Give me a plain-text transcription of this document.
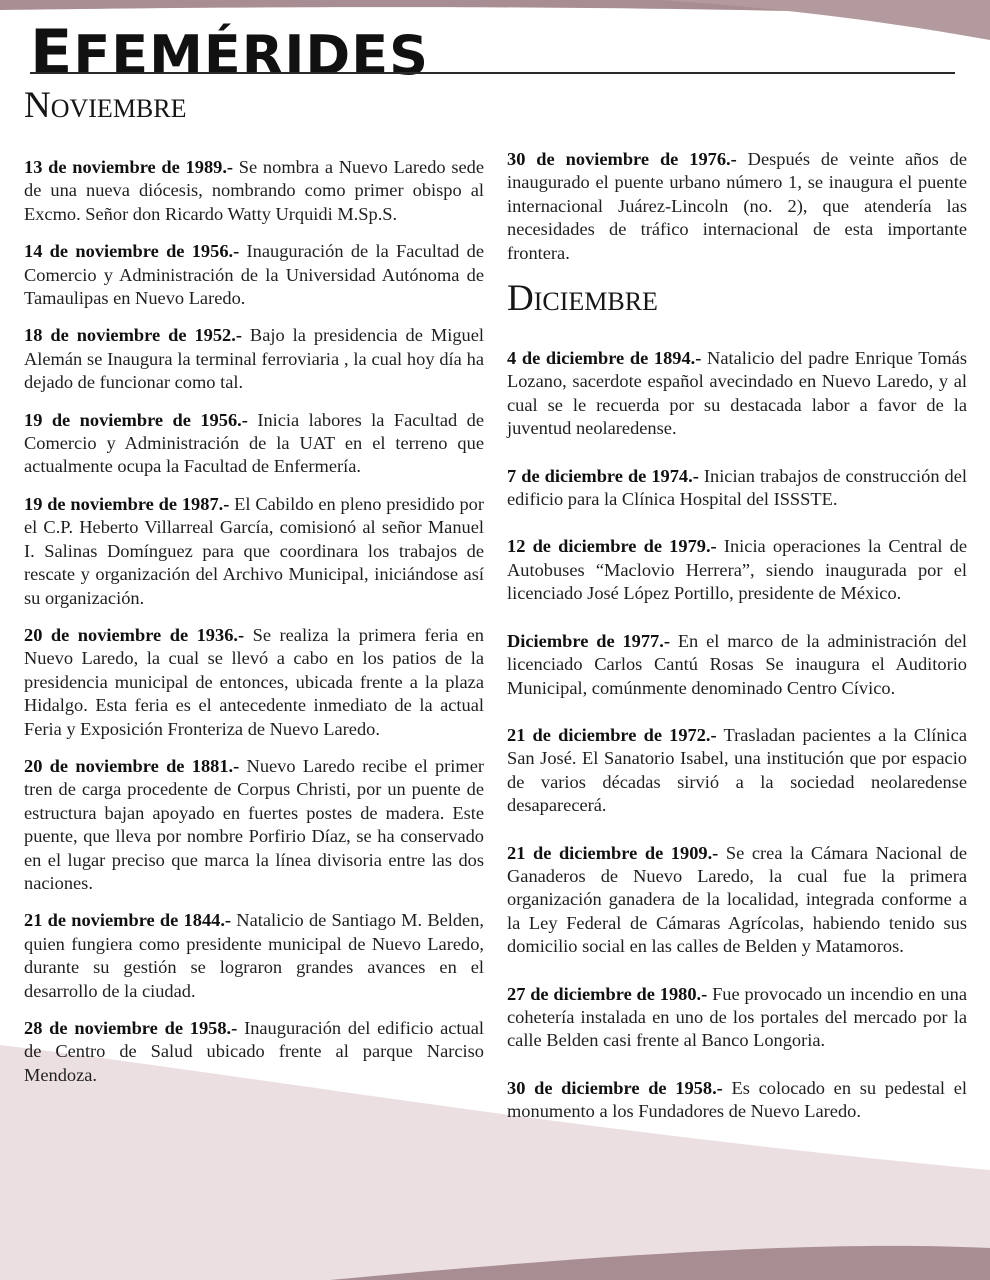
EFEMÉRIDES
Noviembre

13 de noviembre de 1989.- Se nombra a Nuevo Laredo sede de una nueva diócesis, nombrando como primer obispo al Excmo. Señor don Ricardo Watty Urquidi M.Sp.S.

14 de noviembre de 1956.- Inauguración de la Facultad de Comercio y Administración de la Universidad Autónoma de Tamaulipas en Nuevo Laredo.

18 de noviembre de 1952.- Bajo la presidencia de Miguel Alemán se Inaugura la terminal ferroviaria , la cual hoy día ha dejado de funcionar como tal.

19 de noviembre de 1956.- Inicia labores la Facultad de Comercio y Administración de la UAT en el terreno que actualmente ocupa la Facultad de Enfermería.

19 de noviembre de 1987.- El Cabildo en pleno presidido por el C.P. Heberto Villarreal García, comisionó al señor Manuel I. Salinas Domínguez para que coordinara los trabajos de rescate y organización del Archivo Municipal, iniciándose así su organización.

20 de noviembre de 1936.- Se realiza la primera feria en Nuevo Laredo, la cual se llevó a cabo en los patios de la presidencia municipal de entonces, ubicada frente a la plaza Hidalgo. Esta feria es el antecedente inmediato de la actual Feria y Exposición Fronteriza de Nuevo Laredo.

20 de noviembre de 1881.- Nuevo Laredo recibe el primer tren de carga procedente de Corpus Christi, por un puente de estructura bajan apoyado en fuertes postes de madera. Este puente, que lleva por nombre Porfirio Díaz, se ha conservado en el lugar preciso que marca la línea divisoria entre las dos naciones.

21 de noviembre de 1844.- Natalicio de Santiago M. Belden, quien fungiera como presidente municipal de Nuevo Laredo, durante su gestión se lograron grandes avances en el desarrollo de la ciudad.

28 de noviembre de 1958.- Inauguración del edificio actual de Centro de Salud ubicado frente al parque Narciso Mendoza.

30 de noviembre de 1976.- Después de veinte años de inaugurado el puente urbano número 1, se inaugura el puente internacional Juárez-Lincoln (no. 2), que atendería las necesidades de tráfico internacional de esta importante frontera.

Diciembre

4 de diciembre de 1894.- Natalicio del padre Enrique Tomás Lozano, sacerdote español avecindado en Nuevo Laredo, y al cual se le recuerda por su destacada labor a favor de la juventud neolaredense.

7 de diciembre de 1974.- Inician trabajos de construcción del edificio para la Clínica Hospital del ISSSTE.

12 de diciembre de 1979.- Inicia operaciones la Central de Autobuses “Maclovio Herrera”, siendo inaugurada por el licenciado José López Portillo, presidente de México.

Diciembre de 1977.- En el marco de la administración del licenciado Carlos Cantú Rosas Se inaugura el Auditorio Municipal, comúnmente denominado Centro Cívico.

21 de diciembre de 1972.- Trasladan pacientes a la Clínica San José. El Sanatorio Isabel, una institución que por espacio de varios décadas sirvió a la sociedad neolaredense desaparecerá.

21 de diciembre de 1909.- Se crea la Cámara Nacional de Ganaderos de Nuevo Laredo, la cual fue la primera organización ganadera de la localidad, integrada conforme a la Ley Federal de Cámaras Agrícolas, habiendo tenido sus domicilio social en las calles de Belden y Matamoros.

27 de diciembre de 1980.- Fue provocado un incendio en una cohetería instalada en uno de los portales del mercado por la calle Belden casi frente al Banco Longoria.

30 de diciembre de 1958.- Es colocado en su pedestal el monumento a los Fundadores de Nuevo Laredo.
